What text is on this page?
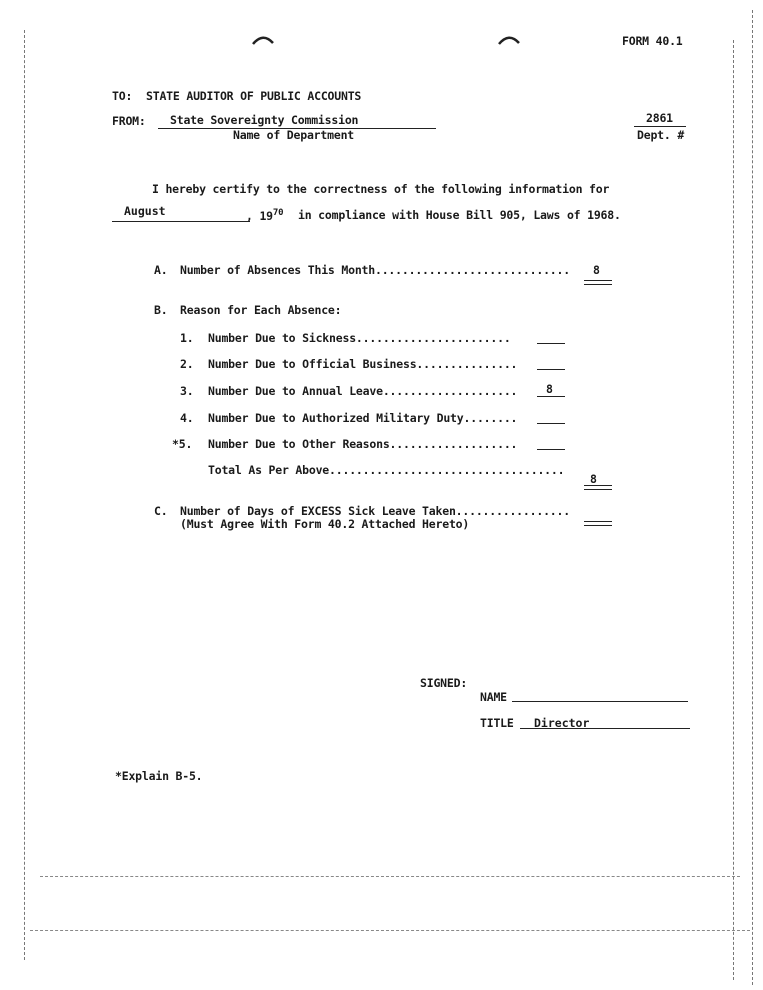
FORM 40.1
TO: STATE AUDITOR OF PUBLIC ACCOUNTS
FROM: State Sovereignty Commission
Name of Department
2861
Dept. #
I hereby certify to the correctness of the following information for
August	, $19^{70}$ in compliance with House Bill 905, Laws of 1968.
A. Number of Absences This Month............................. 8
B. Reason for Each Absence:
1. Number Due to Sickness.......................
2. Number Due to Official Business...............
3. Number Due to Annual Leave.................... 8
4. Number Due to Authorized Military Duty........
*5. Number Due to Other Reasons...................
Total As Per Above...................................
8
C. Number of Days of EXCESS Sick Leave Taken.................
(Must Agree With Form 40.2 Attached Hereto)
SIGNED:
NAME
TITLE Director
*Explain B-5.
